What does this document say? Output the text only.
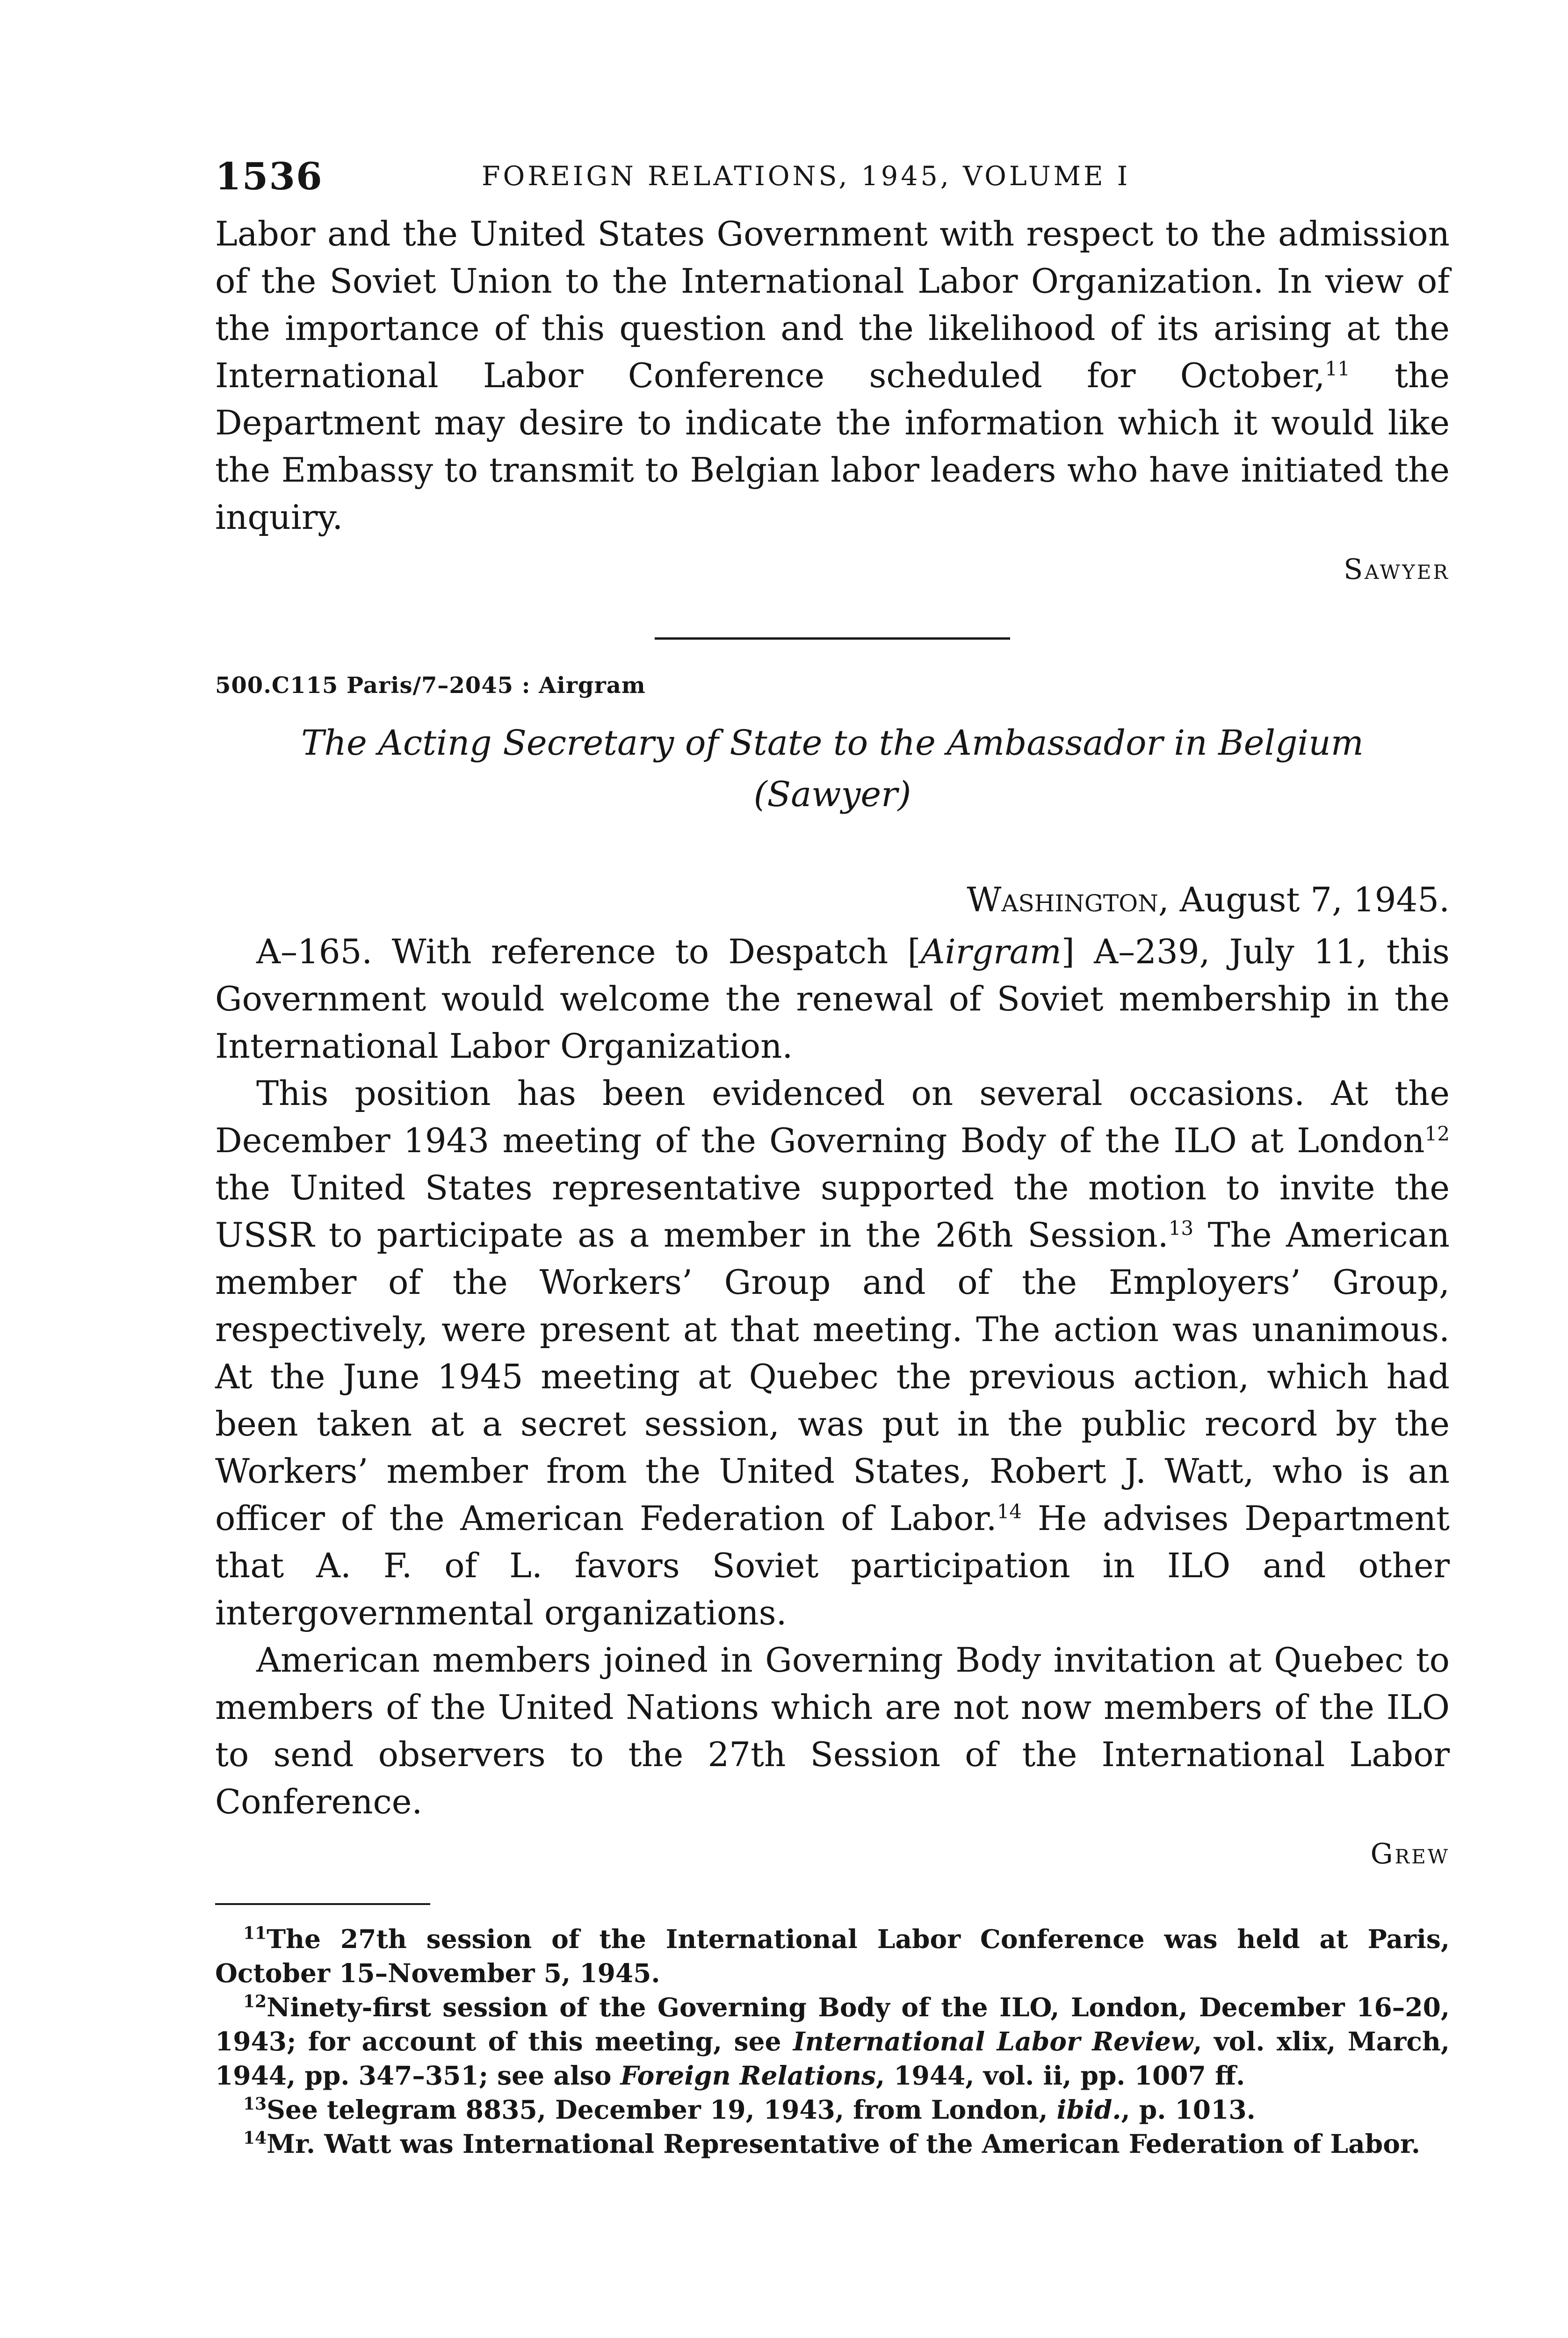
1536	FOREIGN RELATIONS, 1945, VOLUME I

Labor and the United States Government with respect to the admission of the Soviet Union to the International Labor Organization. In view of the importance of this question and the likelihood of its arising at the International Labor Conference scheduled for October,$^{11}$ the Department may desire to indicate the information which it would like the Embassy to transmit to Belgian labor leaders who have initiated the inquiry.

Sawyer

500.C115 Paris/7–2045 : Airgram

The Acting Secretary of State to the Ambassador in Belgium
(Sawyer)

Washington, August 7, 1945.

A–165. With reference to Despatch [Airgram] A–239, July 11, this Government would welcome the renewal of Soviet membership in the International Labor Organization.

This position has been evidenced on several occasions. At the December 1943 meeting of the Governing Body of the ILO at London$^{12}$ the United States representative supported the motion to invite the USSR to participate as a member in the 26th Session.$^{13}$ The American member of the Workers’ Group and of the Employers’ Group, respectively, were present at that meeting. The action was unanimous. At the June 1945 meeting at Quebec the previous action, which had been taken at a secret session, was put in the public record by the Workers’ member from the United States, Robert J. Watt, who is an officer of the American Federation of Labor.$^{14}$ He advises Department that A. F. of L. favors Soviet participation in ILO and other intergovernmental organizations.

American members joined in Governing Body invitation at Quebec to members of the United Nations which are not now members of the ILO to send observers to the 27th Session of the International Labor Conference.

Grew

$^{11}$The 27th session of the International Labor Conference was held at Paris, October 15–November 5, 1945.

$^{12}$Ninety-first session of the Governing Body of the ILO, London, December 16–20, 1943; for account of this meeting, see International Labor Review, vol. xlix, March, 1944, pp. 347–351; see also Foreign Relations, 1944, vol. ii, pp. 1007 ff.

$^{13}$See telegram 8835, December 19, 1943, from London, ibid., p. 1013.

$^{14}$Mr. Watt was International Representative of the American Federation of Labor.
